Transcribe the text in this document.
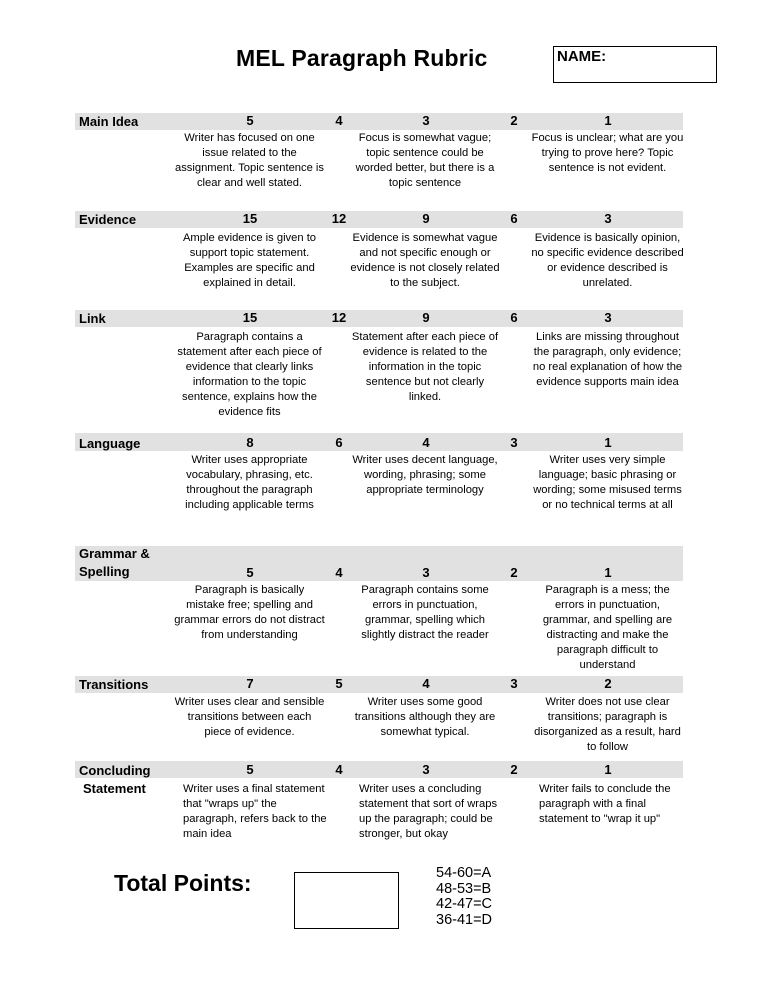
MEL Paragraph Rubric	NAME:
Main Idea	5	4	3	2	1
Writer has focused on one issue related to the assignment. Topic sentence is clear and well stated.
Focus is somewhat vague; topic sentence could be worded better, but there is a topic sentence
Focus is unclear; what are you trying to prove here? Topic sentence is not evident.
Evidence	15	12	9	6	3
Ample evidence is given to support topic statement. Examples are specific and explained in detail.
Evidence is somewhat vague and not specific enough or evidence is not closely related to the subject.
Evidence is basically opinion, no specific evidence described or evidence described is unrelated.
Link	15	12	9	6	3
Paragraph contains a statement after each piece of evidence that clearly links information to the topic sentence, explains how the evidence fits
Statement after each piece of evidence is related to the information in the topic sentence but not clearly linked.
Links are missing throughout the paragraph, only evidence; no real explanation of how the evidence supports main idea
Language	8	6	4	3	1
Writer uses appropriate vocabulary, phrasing, etc. throughout the paragraph including applicable terms
Writer uses decent language, wording, phrasing; some appropriate terminology
Writer uses very simple language; basic phrasing or wording; some misused terms or no technical terms at all
Grammar &
Spelling	5	4	3	2	1
Paragraph is basically mistake free; spelling and grammar errors do not distract from understanding
Paragraph contains some errors in punctuation, grammar, spelling which slightly distract the reader
Paragraph is a mess; the errors in punctuation, grammar, and spelling are distracting and make the paragraph difficult to understand
Transitions	7	5	4	3	2
Writer uses clear and sensible transitions between each piece of evidence.
Writer uses some good transitions although they are somewhat typical.
Writer does not use clear transitions; paragraph is disorganized as a result, hard to follow
Concluding
Statement
5	4	3	2	1
Writer uses a final statement that "wraps up" the paragraph, refers back to the main idea
Writer uses a concluding statement that sort of wraps up the paragraph; could be stronger, but okay
Writer fails to conclude the paragraph with a final statement to "wrap it up"
Total Points:	54-60=A
48-53=B
42-47=C
36-41=D
